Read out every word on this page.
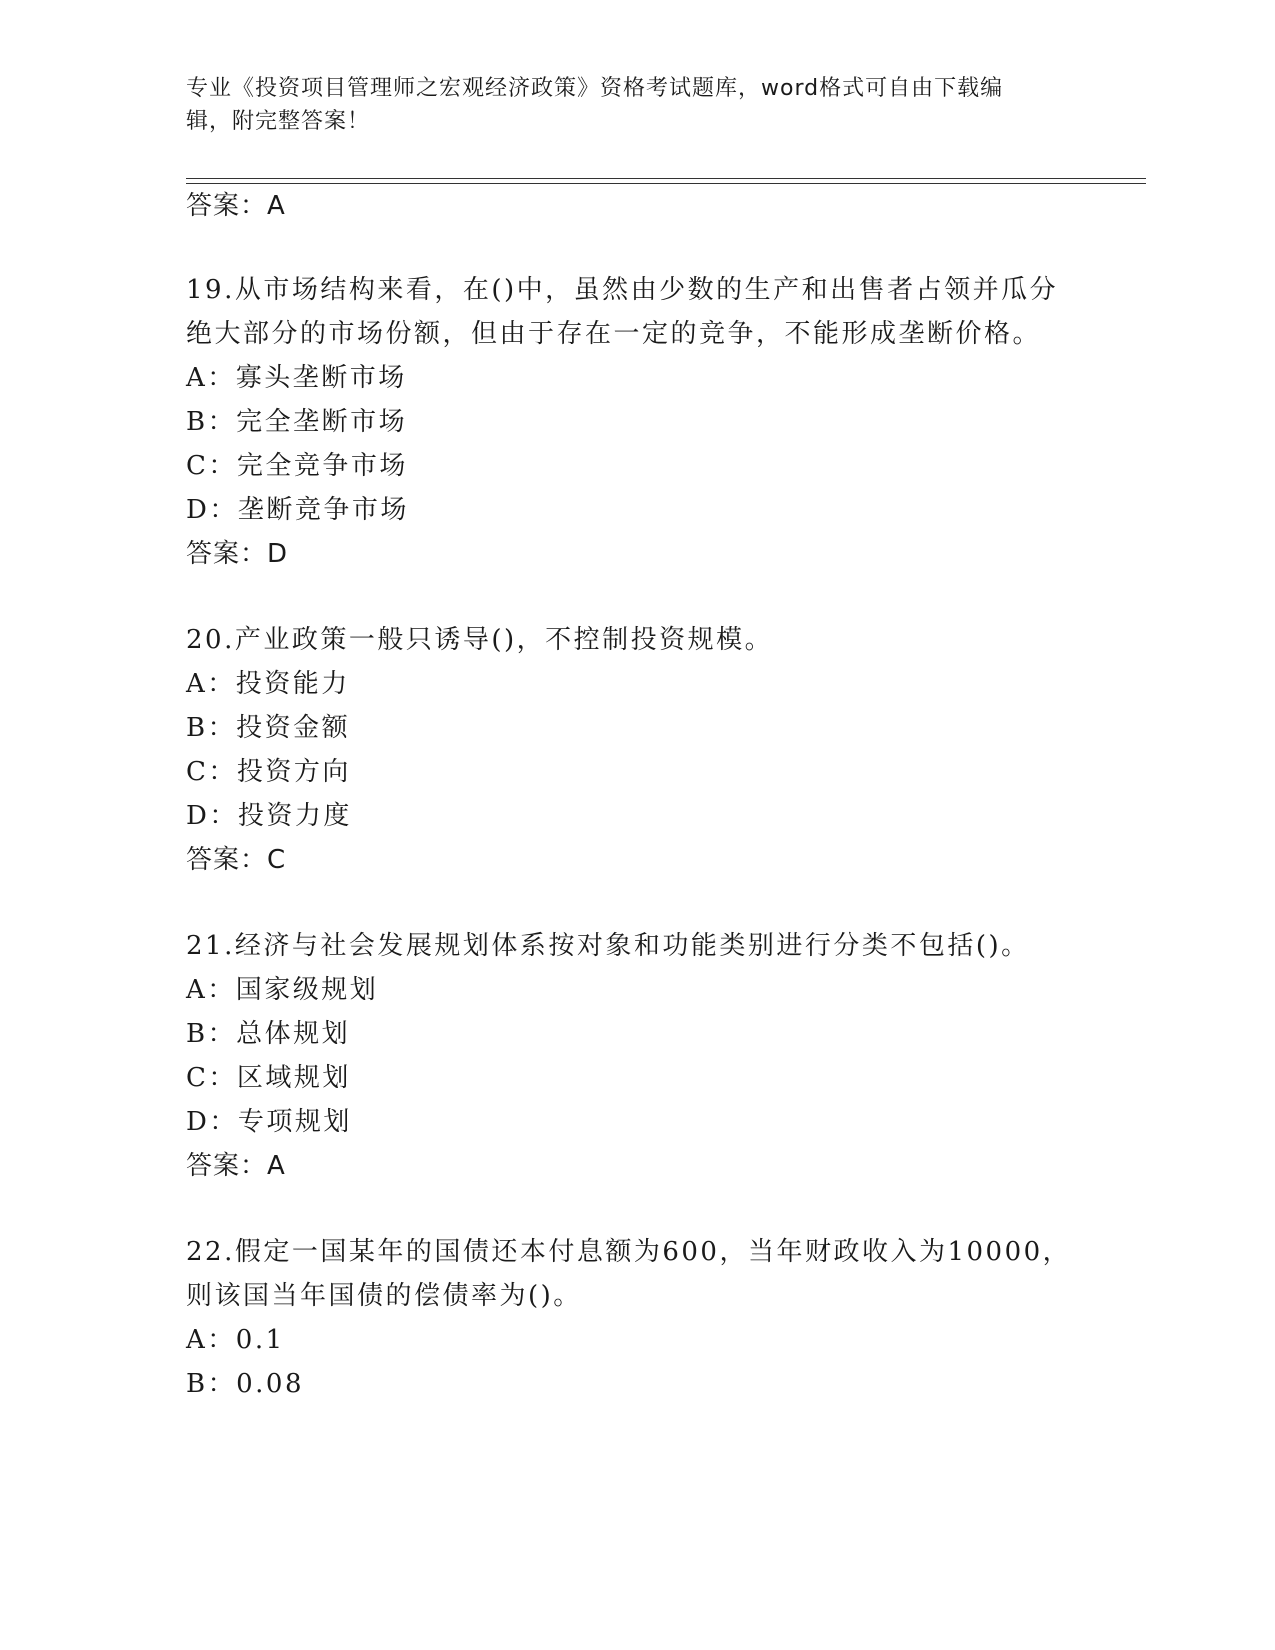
专业《投资项目管理师之宏观经济政策》资格考试题库，word格式可自由下载编
辑，附完整答案！
答案：A
19.从市场结构来看，在()中，虽然由少数的生产和出售者占领并瓜分
绝大部分的市场份额，但由于存在一定的竞争，不能形成垄断价格。
A：寡头垄断市场
B：完全垄断市场
C：完全竞争市场
D：垄断竞争市场
答案：D
20.产业政策一般只诱导()，不控制投资规模。
A：投资能力
B：投资金额
C：投资方向
D：投资力度
答案：C
21.经济与社会发展规划体系按对象和功能类别进行分类不包括()。
A：国家级规划
B：总体规划
C：区域规划
D：专项规划
答案：A
22.假定一国某年的国债还本付息额为600，当年财政收入为10000，
则该国当年国债的偿债率为()。
A：0.1
B：0.08
